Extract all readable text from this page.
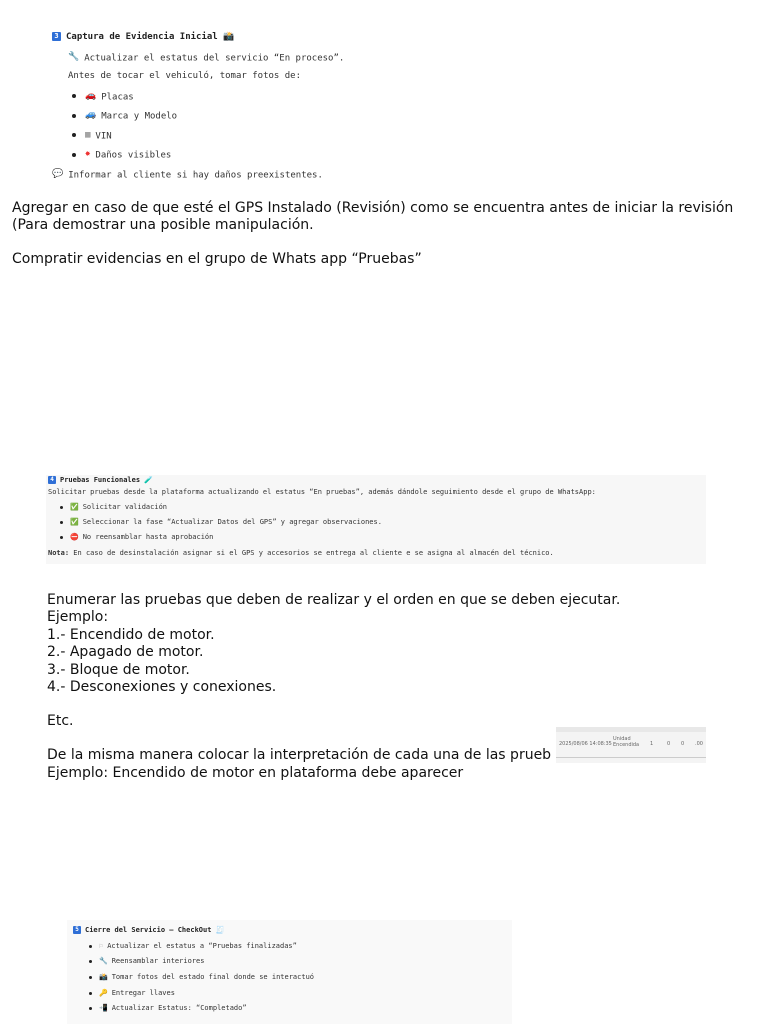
3 Captura de Evidencia Inicial 📸
🔧 Actualizar el estatus del servicio “En proceso”.
Antes de tocar el vehiculó, tomar fotos de:
🚗 Placas
🚙 Marca y Modelo
▦ VIN
✸ Daños visibles
💬 Informar al cliente si hay daños preexistentes.
Agregar en caso de que esté el GPS Instalado (Revisión) como se encuentra antes de iniciar la revisión
(Para demostrar una posible manipulación.
Compratir evidencias en el grupo de Whats app “Pruebas”
4 Pruebas Funcionales 🧪
Solicitar pruebas desde la plataforma actualizando el estatus “En pruebas”, además dándole seguimiento desde el grupo de WhatsApp:
✅ Solicitar validación
✅ Seleccionar la fase “Actualizar Datos del GPS” y agregar observaciones.
⛔ No reensamblar hasta aprobación
Nota: En caso de desinstalación asignar si el GPS y accesorios se entrega al cliente e se asigna al almacén del técnico.
Enumerar las pruebas que deben de realizar y el orden en que se deben ejecutar.
Ejemplo:
1.- Encendido de motor.
2.- Apagado de motor.
3.- Bloque de motor.
4.- Desconexiones y conexiones.
Etc.
De la misma manera colocar la interpretación de cada una de las prueb
Ejemplo: Encendido de motor en plataforma debe aparecer
2025/08/06 14:08:35
Unidad Encendida	1	0 0 .00
5 Cierre del Servicio – CheckOut 🧾
⚐ Actualizar el estatus a “Pruebas finalizadas”
🔧 Reensamblar interiores
📸 Tomar fotos del estado final donde se interactuó
🔑 Entregar llaves
📲 Actualizar Estatus: “Completado”
